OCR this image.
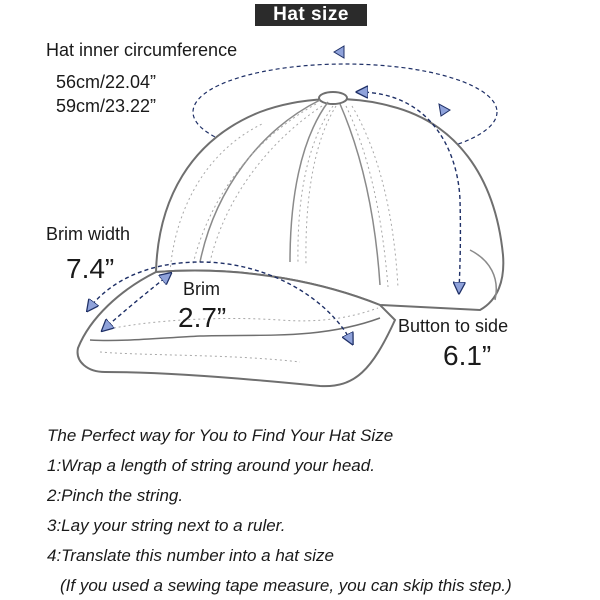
Hat size
Hat inner circumference
56cm/22.04”
59cm/23.22”
Brim width
7.4”
Brim
2.7”	Button to side
6.1”
The Perfect way for You to Find Your Hat Size
1:Wrap a length of string around your head.
2:Pinch the string.
3:Lay your string next to a ruler.
4:Translate this number into a hat size
(If you used a sewing tape measure, you can skip this step.)
